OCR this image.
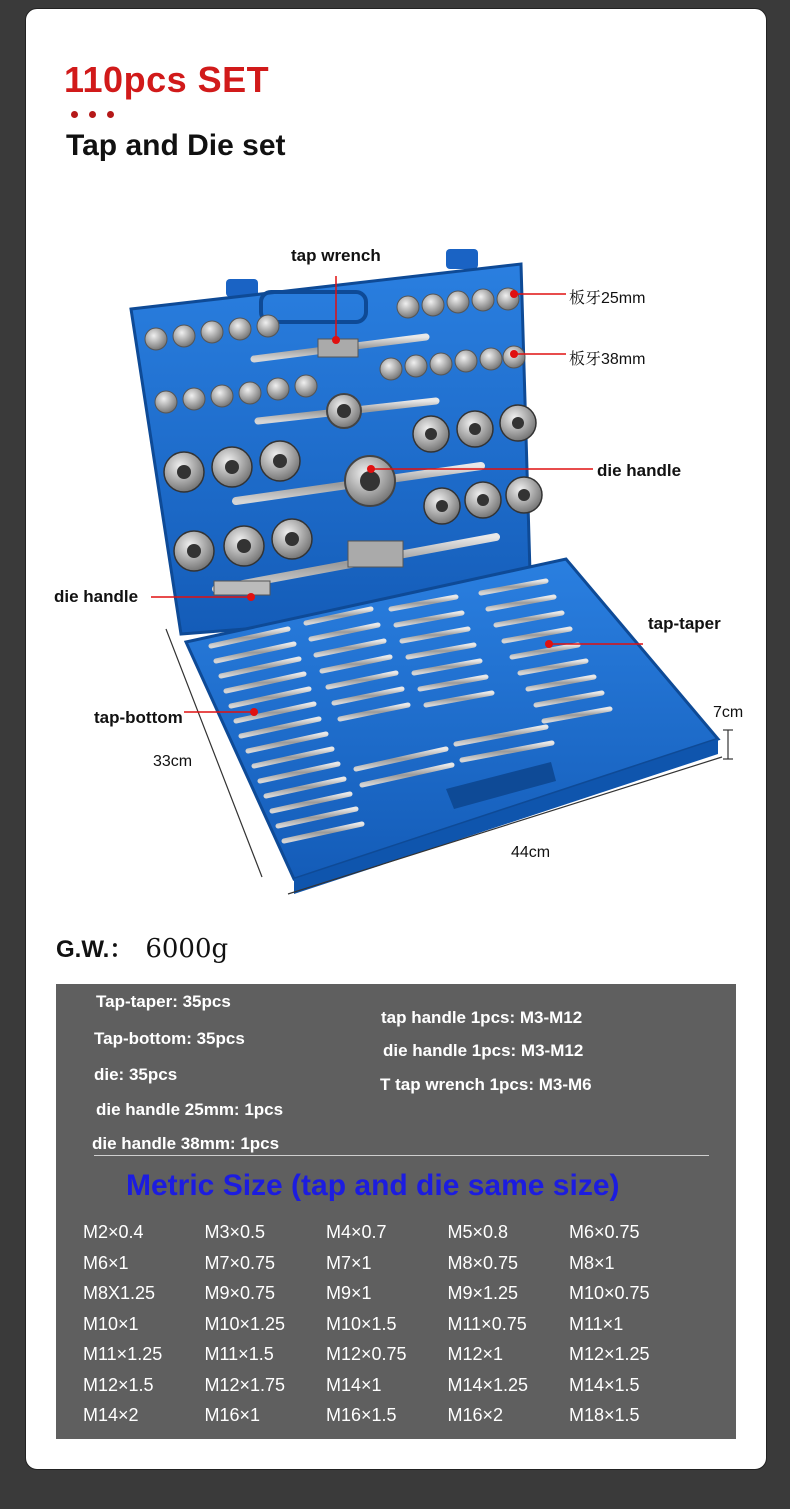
110pcs SET
Tap and Die set
tap wrench
板牙25mm
板牙38mm
die handle
die handle
tap-taper
tap-bottom
33cm
44cm
7cm
G.W.： 6000g
Tap-taper: 35pcs
Tap-bottom: 35pcs
die: 35pcs
die handle 25mm: 1pcs
die handle 38mm: 1pcs
tap handle 1pcs: M3-M12
die handle 1pcs: M3-M12
T tap wrench 1pcs: M3-M6
Metric Size (tap and die same size)
M2×0.4	M3×0.5	M4×0.7	M5×0.8	M6×0.75
M6×1	M7×0.75	M7×1	M8×0.75	M8×1
M8X1.25	M9×0.75	M9×1	M9×1.25	M10×0.75
M10×1	M10×1.25	M10×1.5	M11×0.75	M11×1
M11×1.25	M11×1.5	M12×0.75	M12×1	M12×1.25
M12×1.5	M12×1.75	M14×1	M14×1.25	M14×1.5
M14×2	M16×1	M16×1.5	M16×2	M18×1.5
